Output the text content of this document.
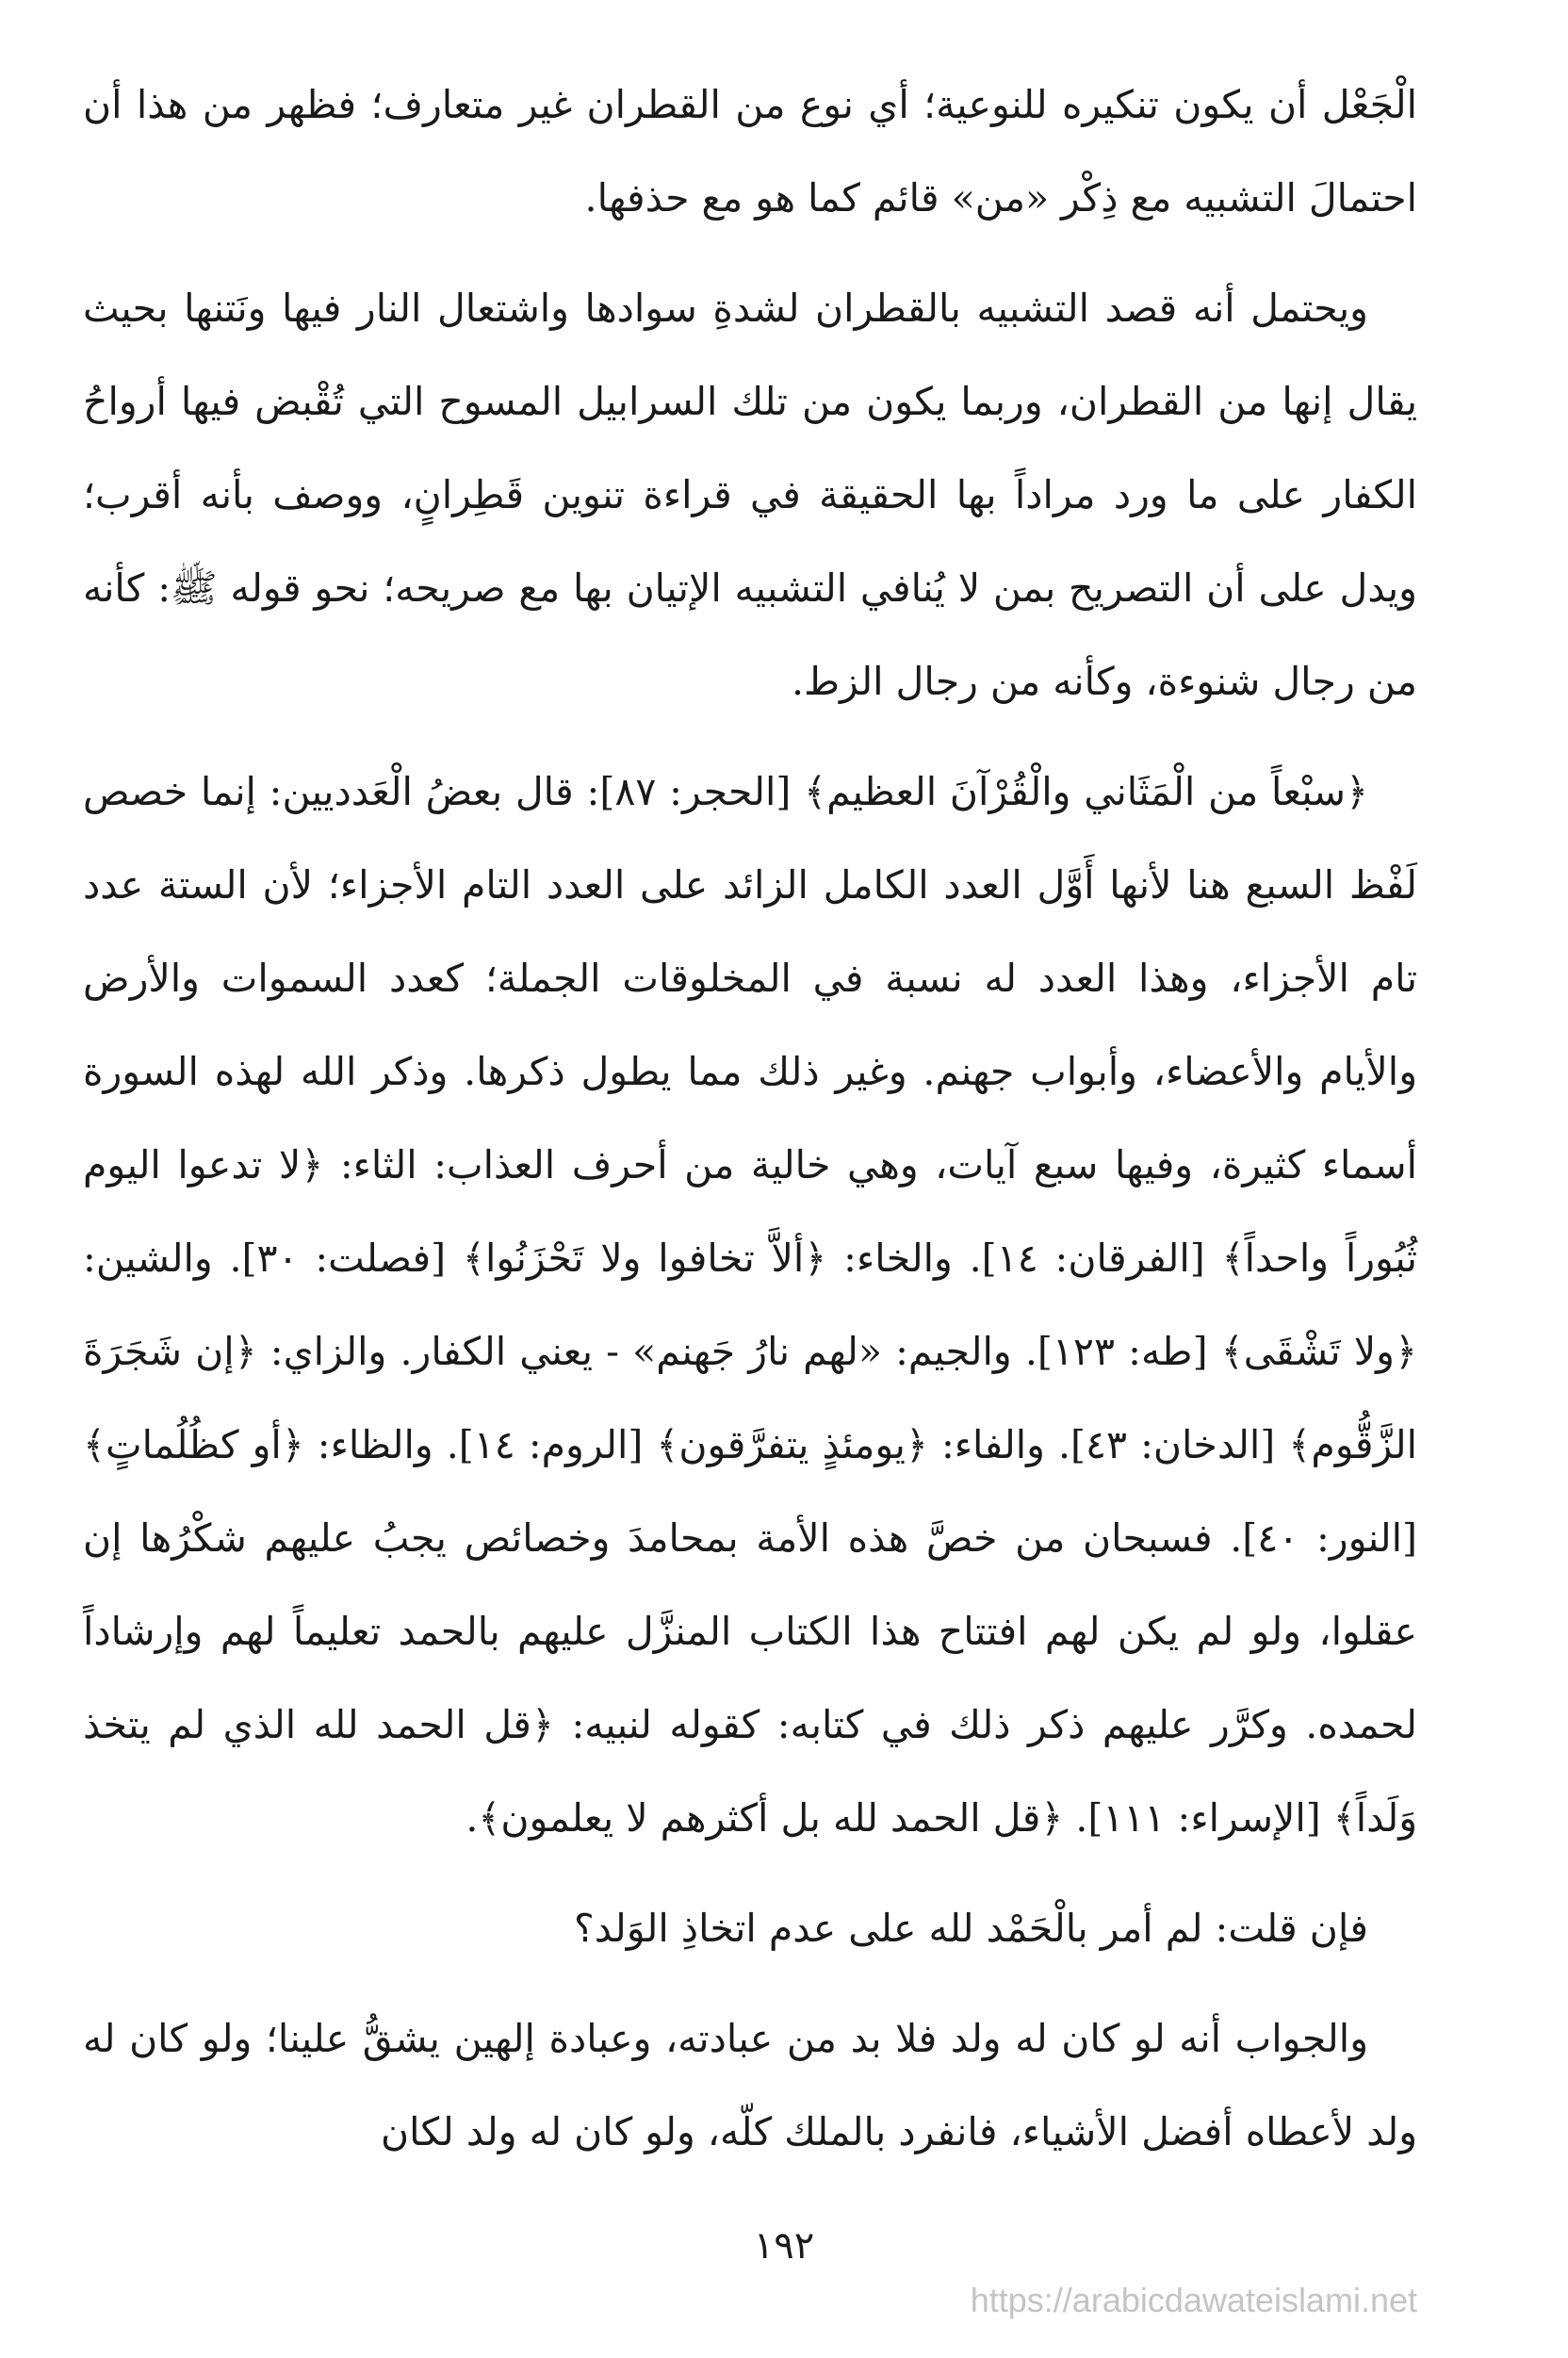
الْجَعْل أن يكون تنكيره للنوعية؛ أي نوع من القطران غير متعارف؛ فظهر من هذا أن احتمالَ التشبيه مع ذِكْر «من» قائم كما هو مع حذفها.

ويحتمل أنه قصد التشبيه بالقطران لشدةِ سوادها واشتعال النار فيها ونَتنها بحيث يقال إنها من القطران، وربما يكون من تلك السرابيل المسوح التي تُقْبض فيها أرواحُ الكفار على ما ورد مراداً بها الحقيقة في قراءة تنوين قَطِرانٍ، ووصف بأنه أقرب؛ ويدل على أن التصريح بمن لا يُنافي التشبيه الإتيان بها مع صريحه؛ نحو قوله ﷺ: كأنه من رجال شنوءة، وكأنه من رجال الزط.

﴿سبْعاً من الْمَثَاني والْقُرْآنَ العظيم﴾ [الحجر: ٨٧]: قال بعضُ الْعَدديين: إنما خصص لَفْظ السبع هنا لأنها أَوَّل العدد الكامل الزائد على العدد التام الأجزاء؛ لأن الستة عدد تام الأجزاء، وهذا العدد له نسبة في المخلوقات الجملة؛ كعدد السموات والأرض والأيام والأعضاء، وأبواب جهنم. وغير ذلك مما يطول ذكرها. وذكر الله لهذه السورة أسماء كثيرة، وفيها سبع آيات، وهي خالية من أحرف العذاب: الثاء: ﴿لا تدعوا اليوم ثُبُوراً واحداً﴾ [الفرقان: ١٤]. والخاء: ﴿ألاَّ تخافوا ولا تَحْزَنُوا﴾ [فصلت: ٣٠]. والشين: ﴿ولا تَشْقَى﴾ [طه: ١٢٣]. والجيم: «لهم نارُ جَهنم» - يعني الكفار. والزاي: ﴿إن شَجَرَةَ الزَّقُّوم﴾ [الدخان: ٤٣]. والفاء: ﴿يومئذٍ يتفرَّقون﴾ [الروم: ١٤]. والظاء: ﴿أو كظُلُماتٍ﴾ [النور: ٤٠]. فسبحان من خصَّ هذه الأمة بمحامدَ وخصائص يجبُ عليهم شكْرُها إن عقلوا، ولو لم يكن لهم افتتاح هذا الكتاب المنزَّل عليهم بالحمد تعليماً لهم وإرشاداً لحمده. وكرَّر عليهم ذكر ذلك في كتابه: كقوله لنبيه: ﴿قل الحمد لله الذي لم يتخذ وَلَداً﴾ [الإسراء: ١١١]. ﴿قل الحمد لله بل أكثرهم لا يعلمون﴾.

فإن قلت: لم أمر بالْحَمْد لله على عدم اتخاذِ الوَلد؟

والجواب أنه لو كان له ولد فلا بد من عبادته، وعبادة إلهين يشقُّ علينا؛ ولو كان له ولد لأعطاه أفضل الأشياء، فانفرد بالملك كلّه، ولو كان له ولد لكان

١٩٢
https://arabicdawateislami.net
